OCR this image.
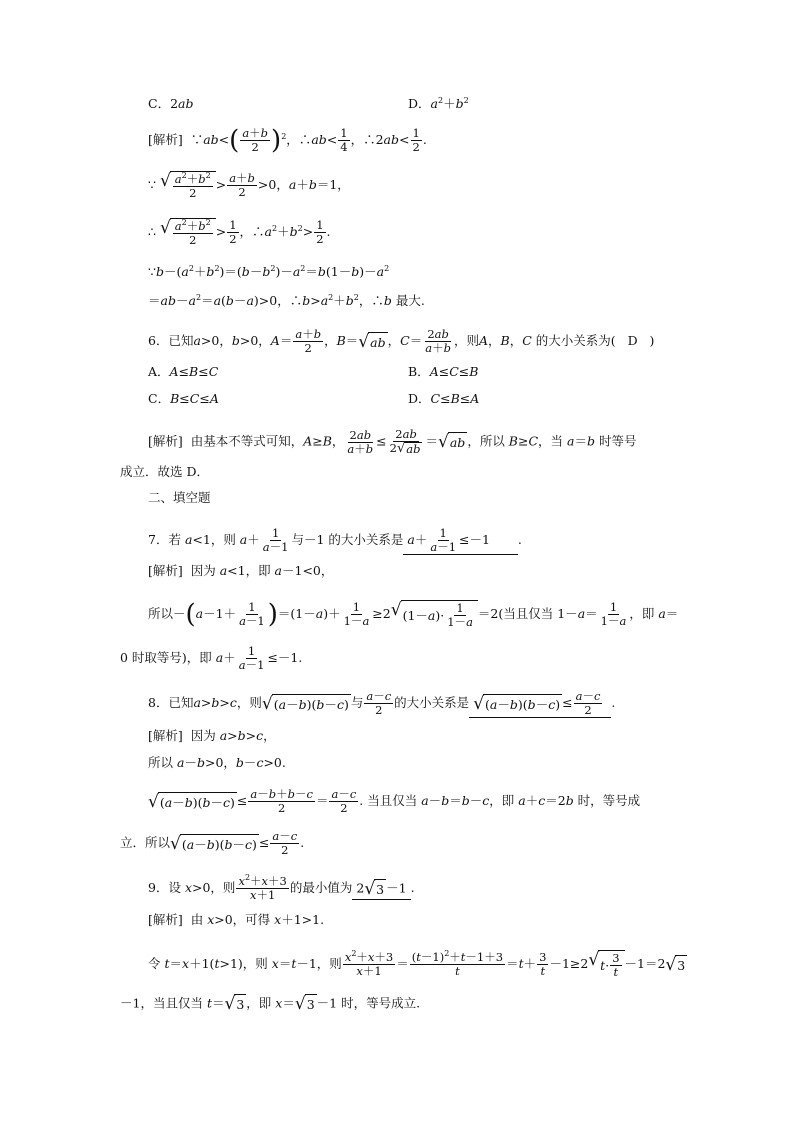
C．2ab	D．$a^2+b^2$
[解析]  ∵ab<( $\frac{a+b}{2} )^2$，∴ab< $\frac{1}{4}$ ，∴2ab< $\frac{1}{2}$ .
∵ √ $\frac{a^2+b^2}{2} > \frac{a+b}{2} >0$，a＋b＝1，
∴ √ $\frac{a^2+b^2}{2} > \frac{1}{2}$ ，$\therefore a^2+b^2> \frac{1}{2}$ .
$\because b-(a^2+b^2)=(b-b^2)-a^2=b(1-b)-a^2$
$=ab-a^2=a(b-a)>0$，$\therefore b>a^2+b^2$，∴b 最大.
6．已知a>0，b>0，$A= \frac{a+b}{2}$ ，B＝ √ ab ，$C= \frac{2ab}{a+b}$ ，则A，B，C 的大小关系为(   D   )
A．A≤B≤C	B．A≤C≤B
C．B≤C≤A	D．C≤B≤A
[解析]  由基本不等式可知，A≥B， $\frac{2ab}{a+b} \le \frac{2ab}{2 √ ab}$ ＝ √ ab ，所以 B≥C，当 a＝b 时等号
成立．故选 D．
二、填空题
7．若 a<1，则 $a+ \frac{1}{a-1}$ 与－1 的大小关系是 $a+ \frac{1}{a-1} \le-1$      .
[解析]  因为 a<1，即 a－1<0，
所以$-(a-1+ \frac{1}{a-1} )=(1-a)+ \frac{1}{1-a} \ge 2$ √ (1－ a )· $\frac{1}{1-a} =2$(当且仅当 $1-a= \frac{1}{1-a}$ ，即 a＝
0 时取等号)，即 $a+ \frac{1}{a-1} \le-1$.
8．已知a>b>c，则 √ ( a － b )( b － c ) 与 $\frac{a-c}{2}$ 的大小关系是 √ ( a － b )( b － c ) ≤ $\frac{a-c}{2}$ .
[解析]  因为 a>b>c，
所以 a－b>0，b－c>0.
√ ( a － b )( b － c ) ≤ $\frac{a-b+b-c}{2} = \frac{a-c}{2}$ . 当且仅当 a－b＝b－c，即 a＋c＝2b 时，等号成
立．所以 √ ( a － b )( b － c ) ≤ $\frac{a-c}{2}$ .
9．设 x>0，则 $\frac{x^2+x+3}{x+1}$ 的最小值为 2 √ 3 －1 .
[解析]  由 x>0，可得 x＋1>1.
令 t＝x＋1(t>1)，则 x＝t－1，则 $\frac{x^2+x+3}{x+1} = \frac{(t-1)^2+t-1+3}{t} =t+ \frac{3}{t} -1\ge 2$ √ $t \cdot \frac{3}{t} -1=2$ √ 3
－1，当且仅当 t＝ √ 3 ，即 x＝ √ 3 －1 时，等号成立.
